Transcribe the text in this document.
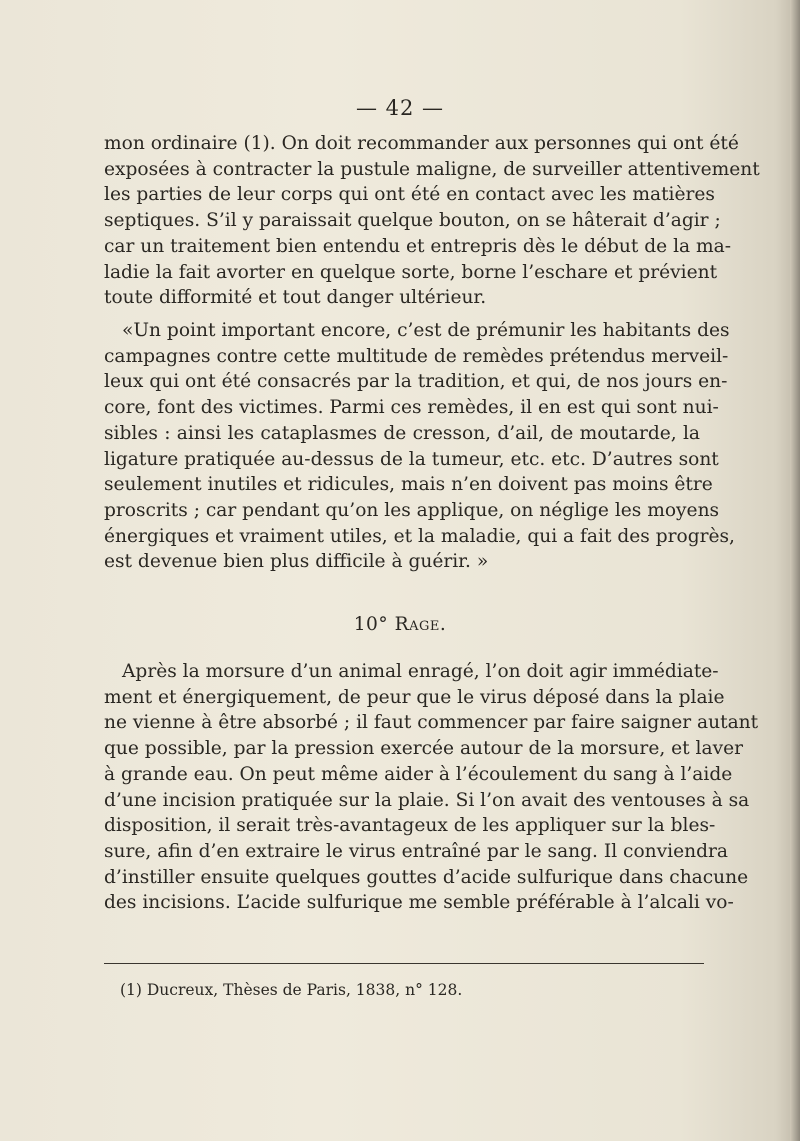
— 42 —
mon ordinaire (1). On doit recommander aux personnes qui ont été
exposées à contracter la pustule maligne, de surveiller attentivement
les parties de leur corps qui ont été en contact avec les matières
septiques. S’il y paraissait quelque bouton, on se hâterait d’agir ;
car un traitement bien entendu et entrepris dès le début de la ma-
ladie la fait avorter en quelque sorte, borne l’eschare et prévient
toute difformité et tout danger ultérieur.
«Un point important encore, c’est de prémunir les habitants des
campagnes contre cette multitude de remèdes prétendus merveil-
leux qui ont été consacrés par la tradition, et qui, de nos jours en-
core, font des victimes. Parmi ces remèdes, il en est qui sont nui-
sibles : ainsi les cataplasmes de cresson, d’ail, de moutarde, la
ligature pratiquée au-dessus de la tumeur, etc. etc. D’autres sont
seulement inutiles et ridicules, mais n’en doivent pas moins être
proscrits ; car pendant qu’on les applique, on néglige les moyens
énergiques et vraiment utiles, et la maladie, qui a fait des progrès,
est devenue bien plus difficile à guérir. »
10° Rage.
Après la morsure d’un animal enragé, l’on doit agir immédiate-
ment et énergiquement, de peur que le virus déposé dans la plaie
ne vienne à être absorbé ; il faut commencer par faire saigner autant
que possible, par la pression exercée autour de la morsure, et laver
à grande eau. On peut même aider à l’écoulement du sang à l’aide
d’une incision pratiquée sur la plaie. Si l’on avait des ventouses à sa
disposition, il serait très-avantageux de les appliquer sur la bles-
sure, afin d’en extraire le virus entraîné par le sang. Il conviendra
d’instiller ensuite quelques gouttes d’acide sulfurique dans chacune
des incisions. L’acide sulfurique me semble préférable à l’alcali vo-
(1) Ducreux, Thèses de Paris, 1838, n° 128.
